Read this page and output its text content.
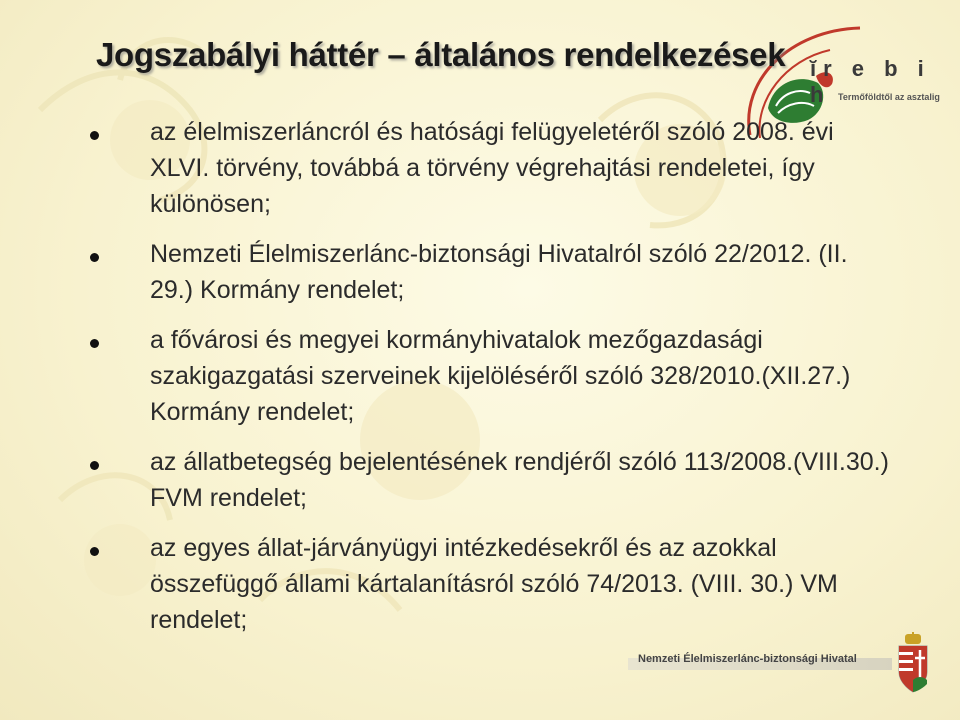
Jogszabályi háttér – általános rendelkezések ĭr e b i h Termőföldtől az asztalig

az élelmiszerláncról és hatósági felügyeletéről szóló 2008. évi XLVI. törvény, továbbá a törvény végrehajtási rendeletei, így különösen;

Nemzeti Élelmiszerlánc-biztonsági Hivatalról szóló 22/2012. (II. 29.) Kormány rendelet;

a fővárosi és megyei kormányhivatalok mezőgazdasági szakigazgatási szerveinek kijelöléséről szóló 328/2010.(XII.27.) Kormány rendelet;

az állatbetegség bejelentésének rendjéről szóló 113/2008.(VIII.30.) FVM rendelet;

az egyes állat-járványügyi intézkedésekről és az azokkal összefüggő állami kártalanításról szóló 74/2013. (VIII. 30.) VM rendelet;

Nemzeti Élelmiszerlánc-biztonsági Hivatal
